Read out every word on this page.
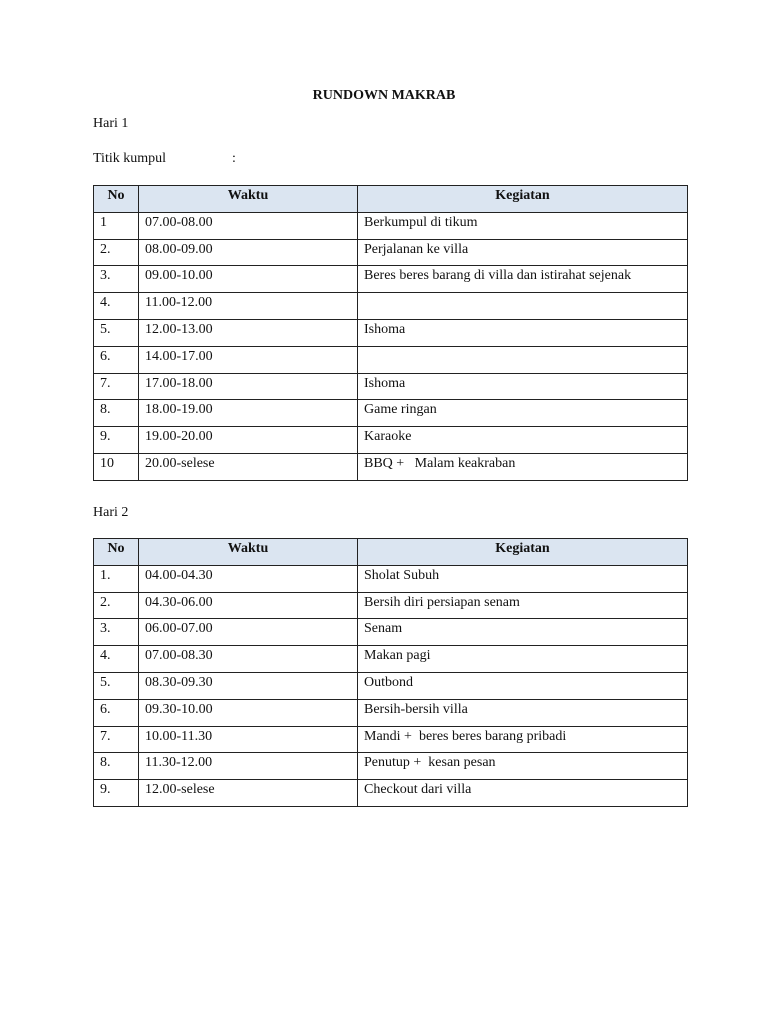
RUNDOWN MAKRAB
Hari 1
Titik kumpul	:
No	Waktu	Kegiatan
1	07.00-08.00	Berkumpul di tikum
2.	08.00-09.00	Perjalanan ke villa
3.	09.00-10.00	Beres beres barang di villa dan istirahat sejenak
4.	11.00-12.00	
5.	12.00-13.00	Ishoma
6.	14.00-17.00	
7.	17.00-18.00	Ishoma
8.	18.00-19.00	Game ringan
9.	19.00-20.00	Karaoke
10	20.00-selese	BBQ +   Malam keakraban
Hari 2
No	Waktu	Kegiatan
1.	04.00-04.30	Sholat Subuh
2.	04.30-06.00	Bersih diri persiapan senam
3.	06.00-07.00	Senam
4.	07.00-08.30	Makan pagi
5.	08.30-09.30	Outbond
6.	09.30-10.00	Bersih-bersih villa
7.	10.00-11.30	Mandi +  beres beres barang pribadi
8.	11.30-12.00	Penutup +  kesan pesan
9.	12.00-selese	Checkout dari villa
